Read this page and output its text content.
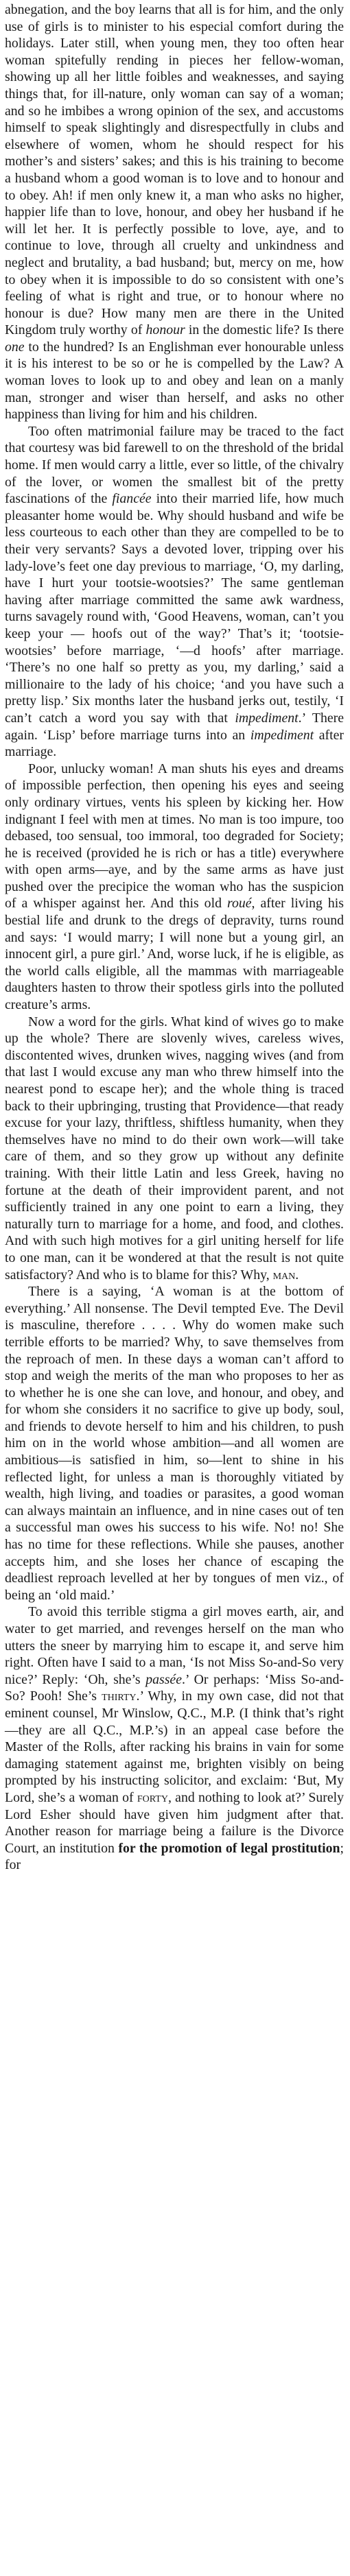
abnegation, and the boy learns that all is for him, and the only use of girls is to minister to his especial comfort during the holidays. Later still, when young men, they too often hear woman spitefully rending in pieces her fellow-woman, showing up all her little foibles and weaknesses, and saying things that, for ill-nature, only woman can say of a woman; and so he imbibes a wrong opinion of the sex, and accustoms himself to speak slightingly and disrespectfully in clubs and elsewhere of women, whom he should respect for his mother’s and sisters’ sakes; and this is his training to become a husband whom a good woman is to love and to honour and to obey. Ah! if men only knew it, a man who asks no higher, happier life than to love, honour, and obey her husband if he will let her. It is perfectly possible to love, aye, and to continue to love, through all cruelty and unkindness and neglect and brutality, a bad husband; but, mercy on me, how to obey when it is impossible to do so consistent with one’s feeling of what is right and true, or to honour where no honour is due? How many men are there in the United Kingdom truly worthy of honour in the domestic life? Is there one to the hundred? Is an Englishman ever honourable unless it is his interest to be so or he is compelled by the Law? A woman loves to look up to and obey and lean on a manly man, stronger and wiser than herself, and asks no other happiness than living for him and his children.

Too often matrimonial failure may be traced to the fact that courtesy was bid farewell to on the threshold of the bridal home. If men would carry a little, ever so little, of the chivalry of the lover, or women the smallest bit of the pretty fascinations of the fiancée into their married life, how much pleasanter home would be. Why should husband and wife be less courteous to each other than they are compelled to be to their very servants? Says a devoted lover, tripping over his lady-love’s feet one day previous to marriage, ‘O, my darling, have I hurt your tootsie-wootsies?’ The same gentleman having after marriage committed the same awk wardness, turns savagely round with, ‘Good Heavens, woman, can’t you keep your — hoofs out of the way?’ That’s it; ‘tootsie-wootsies’ before marriage, ‘—d hoofs’ after marriage. ‘There’s no one half so pretty as you, my darling,’ said a millionaire to the lady of his choice; ‘and you have such a pretty lisp.’ Six months later the husband jerks out, testily, ‘I can’t catch a word you say with that impediment.’ There again. ‘Lisp’ before marriage turns into an impediment after marriage.

Poor, unlucky woman! A man shuts his eyes and dreams of impossible perfection, then opening his eyes and seeing only ordinary virtues, vents his spleen by kicking her. How indignant I feel with men at times. No man is too impure, too debased, too sensual, too immoral, too degraded for Society; he is received (provided he is rich or has a title) everywhere with open arms—aye, and by the same arms as have just pushed over the precipice the woman who has the suspicion of a whisper against her. And this old roué, after living his bestial life and drunk to the dregs of depravity, turns round and says: ‘I would marry; I will none but a young girl, an innocent girl, a pure girl.’ And, worse luck, if he is eligible, as the world calls eligible, all the mammas with marriageable daughters hasten to throw their spotless girls into the polluted creature’s arms.

Now a word for the girls. What kind of wives go to make up the whole? There are slovenly wives, careless wives, discontented wives, drunken wives, nagging wives (and from that last I would excuse any man who threw himself into the nearest pond to escape her); and the whole thing is traced back to their upbringing, trusting that Providence—that ready excuse for your lazy, thriftless, shiftless humanity, when they themselves have no mind to do their own work—will take care of them, and so they grow up without any definite training. With their little Latin and less Greek, having no fortune at the death of their improvident parent, and not sufficiently trained in any one point to earn a living, they naturally turn to marriage for a home, and food, and clothes. And with such high motives for a girl uniting herself for life to one man, can it be wondered at that the result is not quite satisfactory? And who is to blame for this? Why, man.

There is a saying, ‘A woman is at the bottom of everything.’ All nonsense. The Devil tempted Eve. The Devil is masculine, therefore . . . . Why do women make such terrible efforts to be married? Why, to save themselves from the reproach of men. In these days a woman can’t afford to stop and weigh the merits of the man who proposes to her as to whether he is one she can love, and honour, and obey, and for whom she considers it no sacrifice to give up body, soul, and friends to devote herself to him and his children, to push him on in the world whose ambition—and all women are ambitious—is satisfied in him, so—lent to shine in his reflected light, for unless a man is thoroughly vitiated by wealth, high living, and toadies or parasites, a good woman can always maintain an influence, and in nine cases out of ten a successful man owes his success to his wife. No! no! She has no time for these reflections. While she pauses, another accepts him, and she loses her chance of escaping the deadliest reproach levelled at her by tongues of men viz., of being an ‘old maid.’

To avoid this terrible stigma a girl moves earth, air, and water to get married, and revenges herself on the man who utters the sneer by marrying him to escape it, and serve him right. Often have I said to a man, ‘Is not Miss So-and-So very nice?’ Reply: ‘Oh, she’s passée.’ Or perhaps: ‘Miss So-and-So? Pooh! She’s thirty.’ Why, in my own case, did not that eminent counsel, Mr Winslow, Q.C., M.P. (I think that’s right—they are all Q.C., M.P.’s) in an appeal case before the Master of the Rolls, after racking his brains in vain for some damaging statement against me, brighten visibly on being prompted by his instructing solicitor, and exclaim: ‘But, My Lord, she’s a woman of forty, and nothing to look at?’ Surely Lord Esher should have given him judgment after that. Another reason for marriage being a failure is the Divorce Court, an institution for the promotion of legal prostitution; for
